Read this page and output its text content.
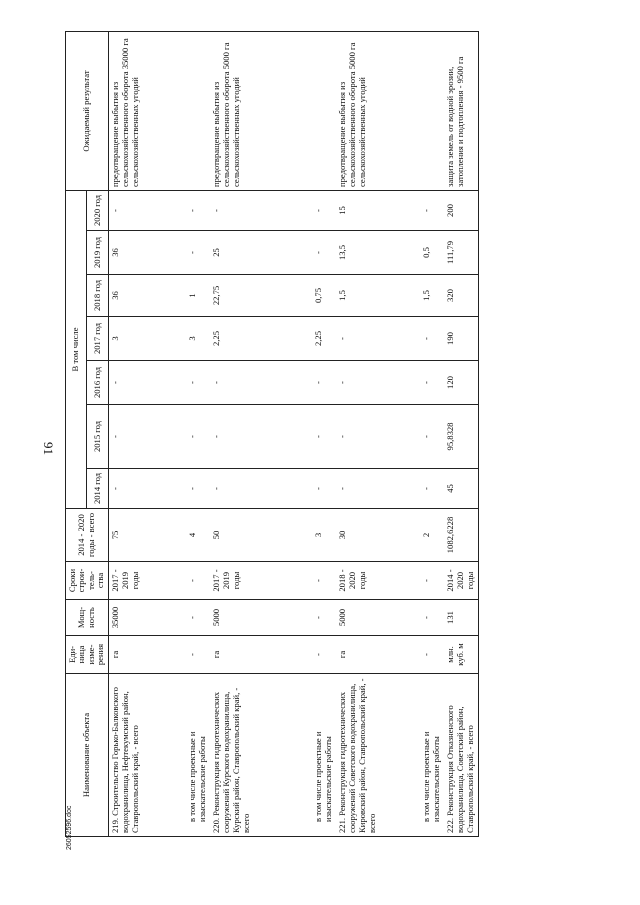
91
26052596.doc
Наименование объекта	Еди- ница изме- рения	Мощ- ность	Сроки строи- тель- ства	2014 - 2020 годы - всего	В том числе							Ожидаемый результат
					2014 год	2015 год	2016 год	2017 год	2018 год	2019 год	2020 год	
219. Строительство Горько-Балковского водохранилища, Нефтекумский район, Ставропольский край, - всего	га	35000	2017 - 2019 годы	75	-	-	-	3	36	36	-	предотвращение выбытия из сельскохозяйственного оборота 35000 га сельскохозяйственных угодий
в том числе проектные и изыскательские работы	-	-	-	4	-	-	-	3	1	-	-	
220. Реконструкция гидротехнических сооружений Курского водохранилища, Курский район, Ставропольский край, - всего	га	5000	2017 - 2019 годы	50	-	-	-	2,25	22,75	25	-	предотвращение выбытия из сельскохозяйственного оборота 5000 га сельскохозяйственных угодий
в том числе проектные и изыскательские работы	-	-	-	3	-	-	-	2,25	0,75	-	-	
221. Реконструкция гидротехнических сооружений Советского водохранилища, Кировский район, Ставропольский край, - всего	га	5000	2018 - 2020 годы	30	-	-	-	-	1,5	13,5	15	предотвращение выбытия из сельскохозяйственного оборота 5000 га сельскохозяйственных угодий
в том числе проектные и изыскательские работы	-	-	-	2	-	-	-	-	1,5	0,5	-	
222. Реконструкция Отказненского водохранилища, Советский район, Ставропольский край, - всего	млн. куб. м	131	2014 - 2020 годы	1082,6228	45	95,8328	120	190	320	111,79	200	защита земель от водной эрозии, затопления и подтопления - 9500 га
